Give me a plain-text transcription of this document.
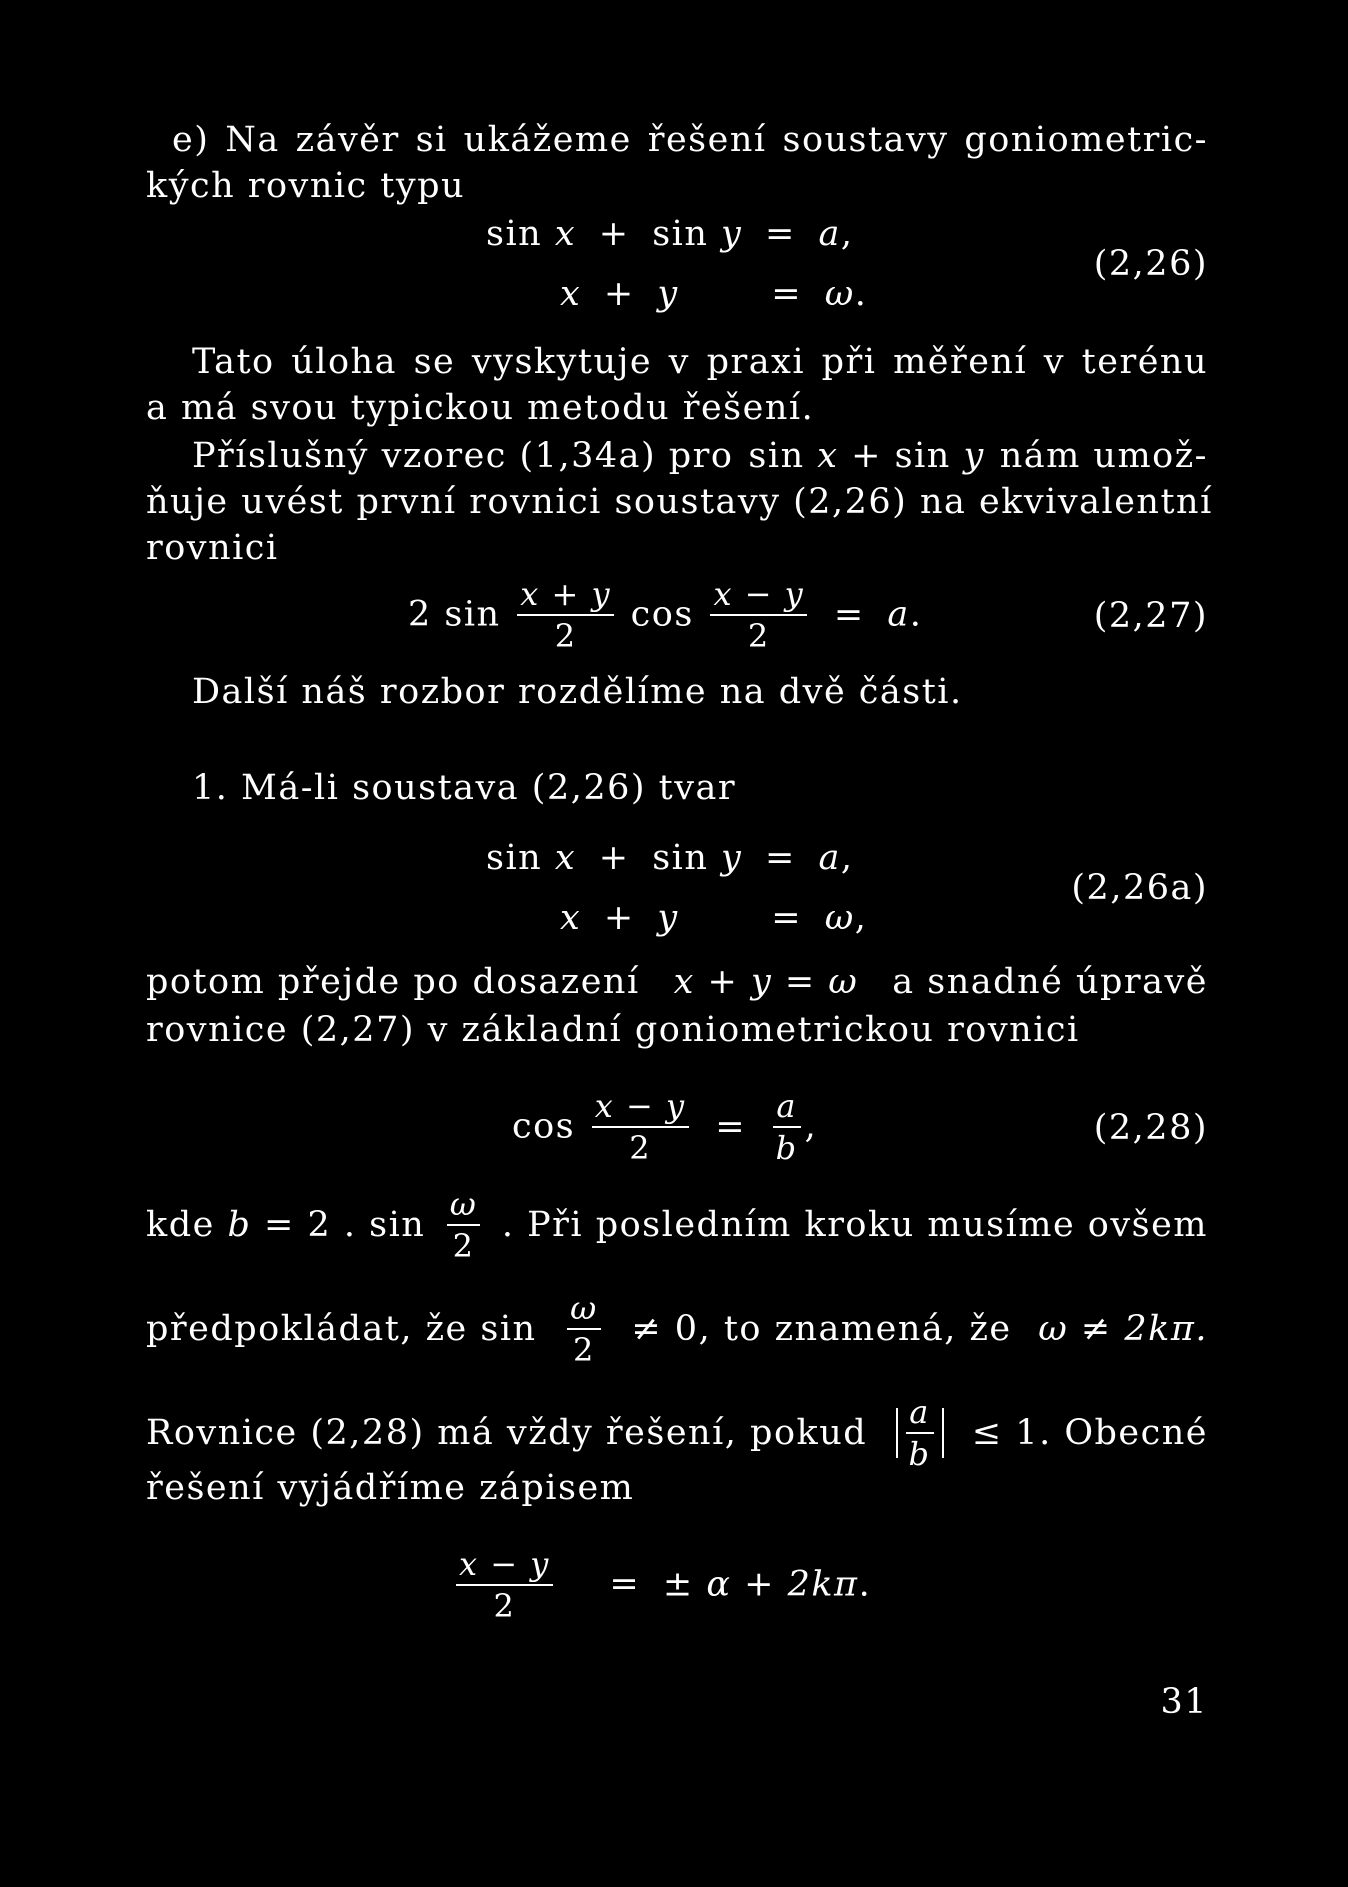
e) Na závěr si ukážeme řešení soustavy goniometric-
kých rovnic typu
sin x + sin y = a,
x + y	= ω.
(2,26)
Tato úloha se vyskytuje v praxi při měření v terénu
a má svou typickou metodu řešení.
Příslušný vzorec (1,34a) pro sin x + sin y nám umož-
ňuje uvést první rovnici soustavy (2,26) na ekvivalentní
rovnici
2 $\sin \frac{x + y}{2}$ $\cos \frac{x - y}{2} = a$.	(2,27)
Další náš rozbor rozdělíme na dvě části.
1. Má-li soustava (2,26) tvar
sin x + sin y = a,
x + y	= ω,
(2,26a)
potom přejde po dosazení x + y = ω a snadné úpravě
rovnice (2,27) v základní goniometrickou rovnici
$\cos \frac{x - y}{2} = \frac{a}{b}$ ,	(2,28)
kde b = 2 . $\sin \frac{\omega}{2}$ . Při posledním kroku musíme ovšem
předpokládat, že $\sin \frac{\omega}{2} \ne 0$, to znamená, že ω ≠ 2kπ.
Rovnice (2,28) má vždy řešení, pokud $\frac{a}{b} \le 1$. Obecné
řešení vyjádříme zápisem
$\frac{x - y}{2}$ = ± α + 2kπ.
31
